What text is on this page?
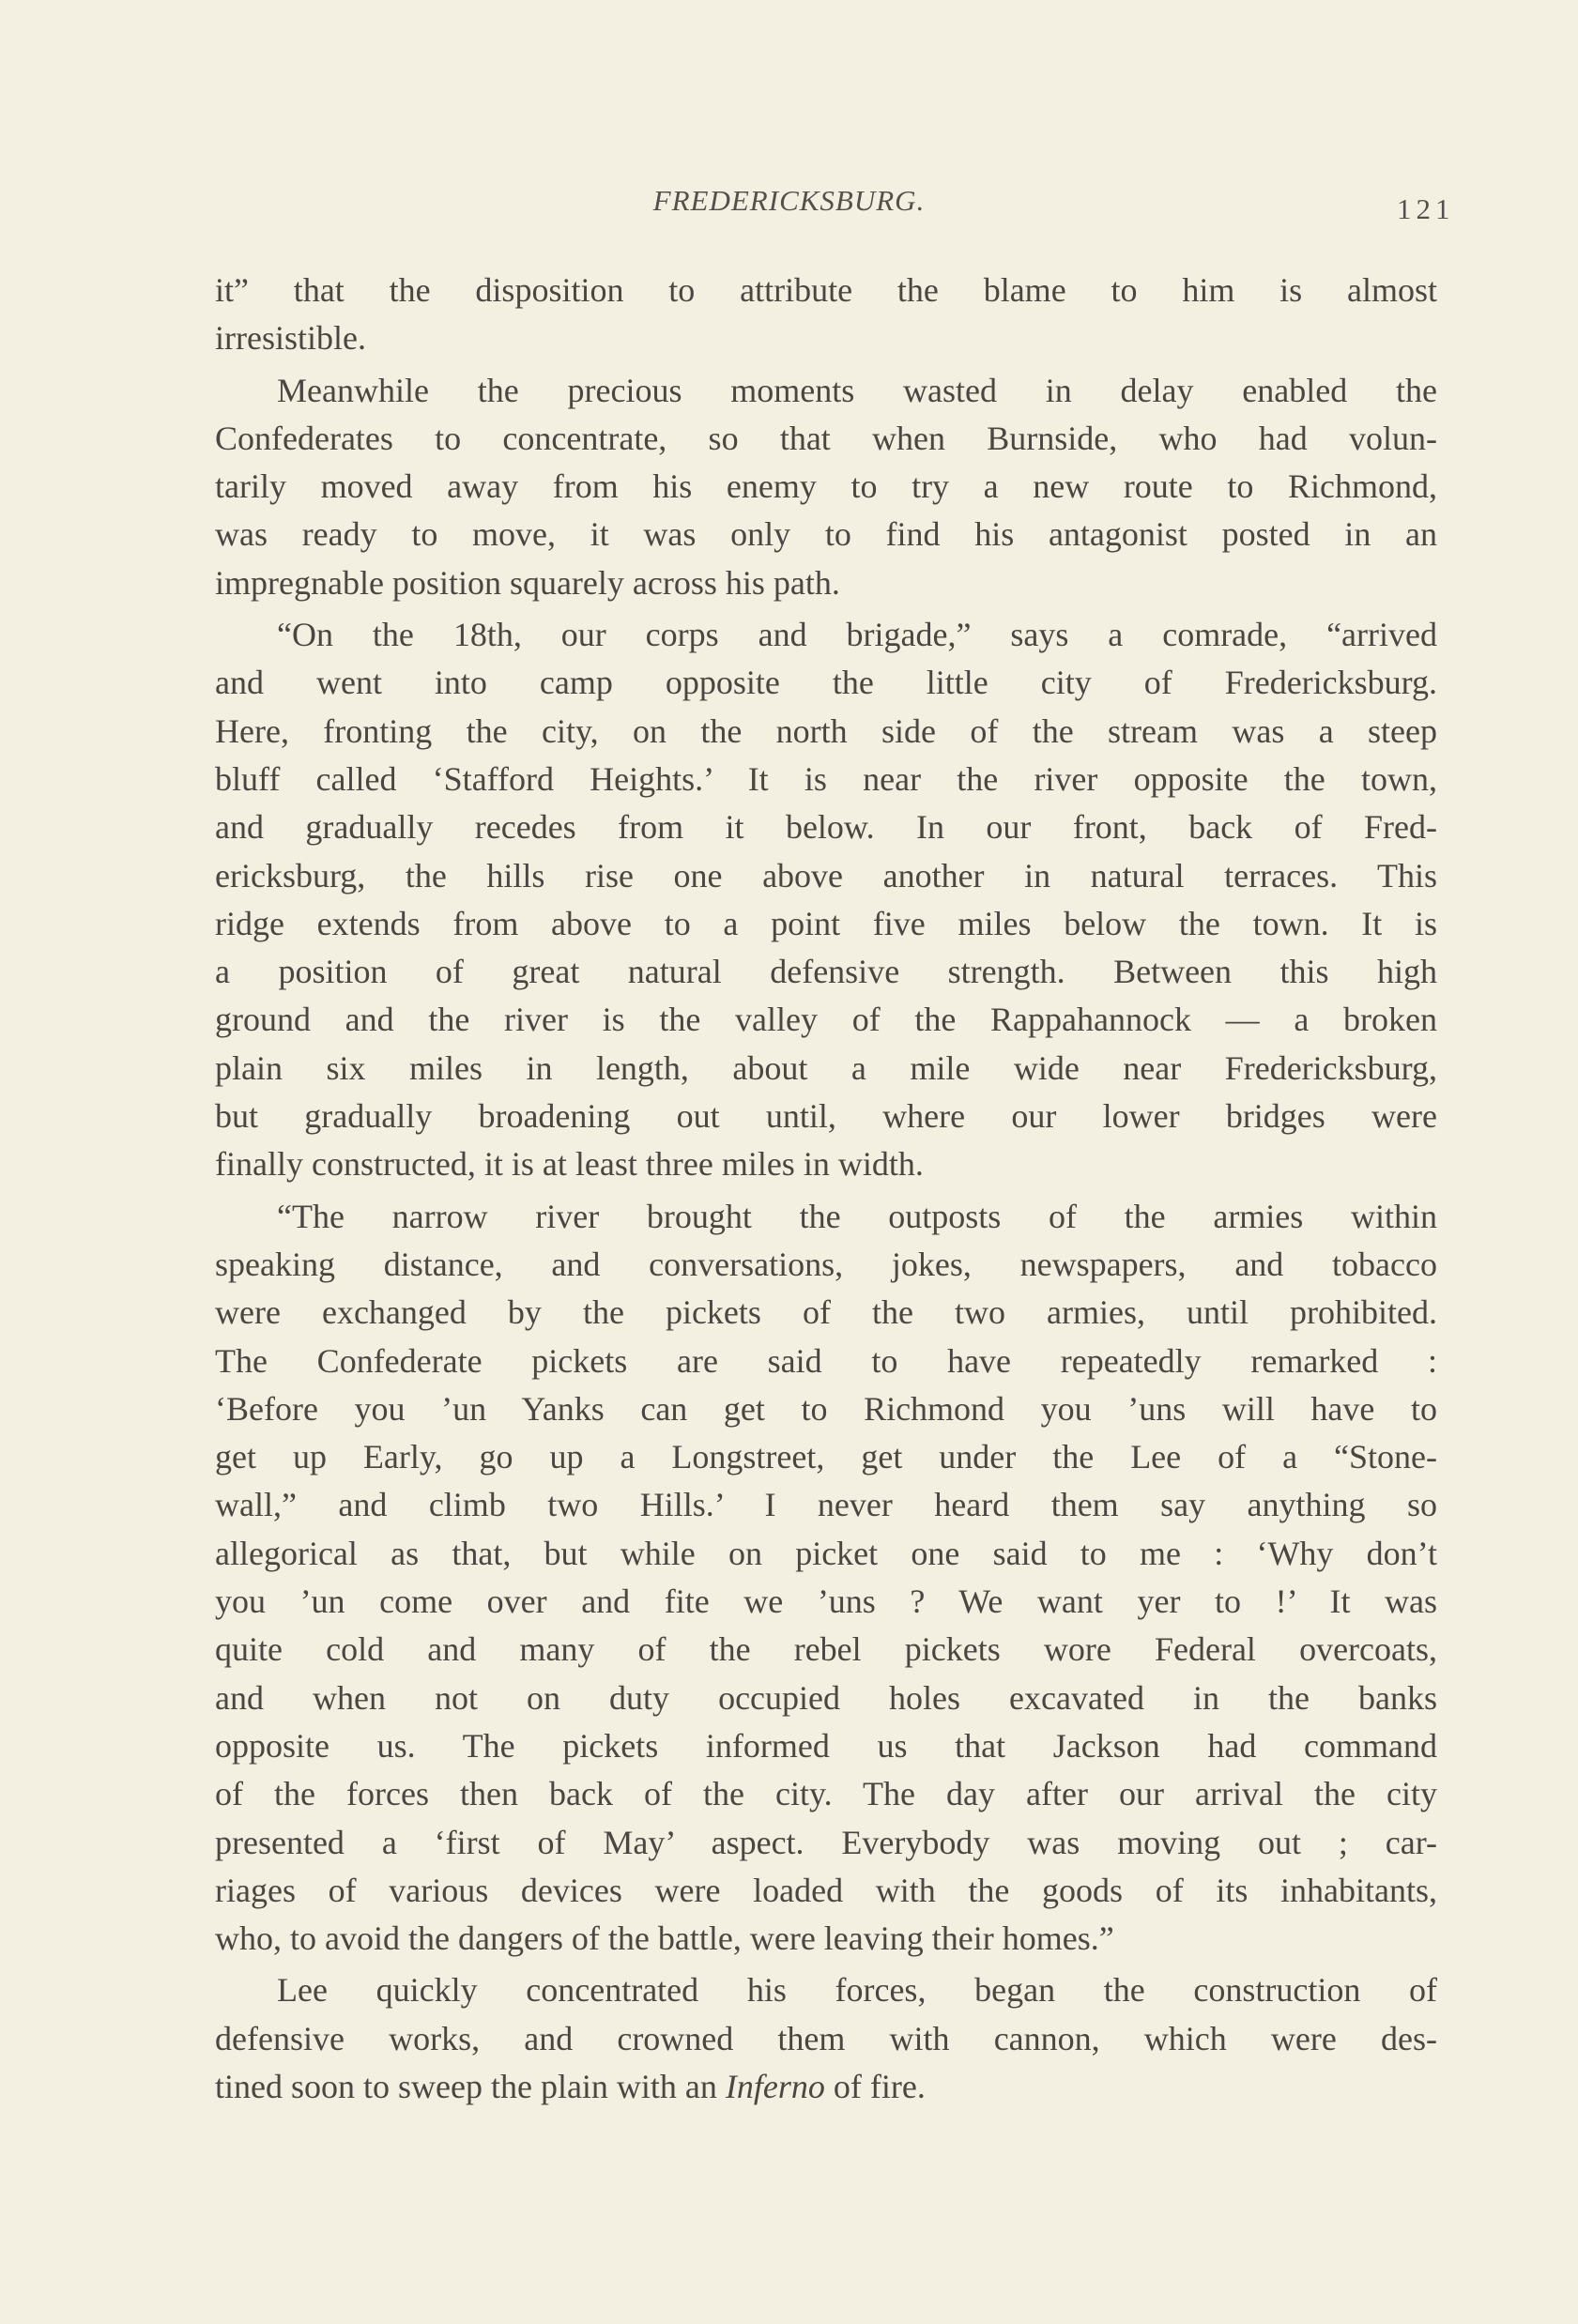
FREDERICKSBURG.	121
it” that the disposition to attribute the blame to him is almost
irresistible.
Meanwhile the precious moments wasted in delay enabled the
Confederates to concentrate, so that when Burnside, who had volun-
tarily moved away from his enemy to try a new route to Richmond,
was ready to move, it was only to find his antagonist posted in an
impregnable position squarely across his path.
“On the 18th, our corps and brigade,” says a comrade, “arrived
and went into camp opposite the little city of Fredericksburg.
Here, fronting the city, on the north side of the stream was a steep
bluff called ‘Stafford Heights.’ It is near the river opposite the town,
and gradually recedes from it below. In our front, back of Fred-
ericksburg, the hills rise one above another in natural terraces. This
ridge extends from above to a point five miles below the town. It is
a position of great natural defensive strength. Between this high
ground and the river is the valley of the Rappahannock — a broken
plain six miles in length, about a mile wide near Fredericksburg,
but gradually broadening out until, where our lower bridges were
finally constructed, it is at least three miles in width.
“The narrow river brought the outposts of the armies within
speaking distance, and conversations, jokes, newspapers, and tobacco
were exchanged by the pickets of the two armies, until prohibited.
The Confederate pickets are said to have repeatedly remarked :
‘Before you ’un Yanks can get to Richmond you ’uns will have to
get up Early, go up a Longstreet, get under the Lee of a “Stone-
wall,” and climb two Hills.’ I never heard them say anything so
allegorical as that, but while on picket one said to me : ‘Why don’t
you ’un come over and fite we ’uns ? We want yer to !’ It was
quite cold and many of the rebel pickets wore Federal overcoats,
and when not on duty occupied holes excavated in the banks
opposite us. The pickets informed us that Jackson had command
of the forces then back of the city. The day after our arrival the city
presented a ‘first of May’ aspect. Everybody was moving out ; car-
riages of various devices were loaded with the goods of its inhabitants,
who, to avoid the dangers of the battle, were leaving their homes.”
Lee quickly concentrated his forces, began the construction of
defensive works, and crowned them with cannon, which were des-
tined soon to sweep the plain with an Inferno of fire.
